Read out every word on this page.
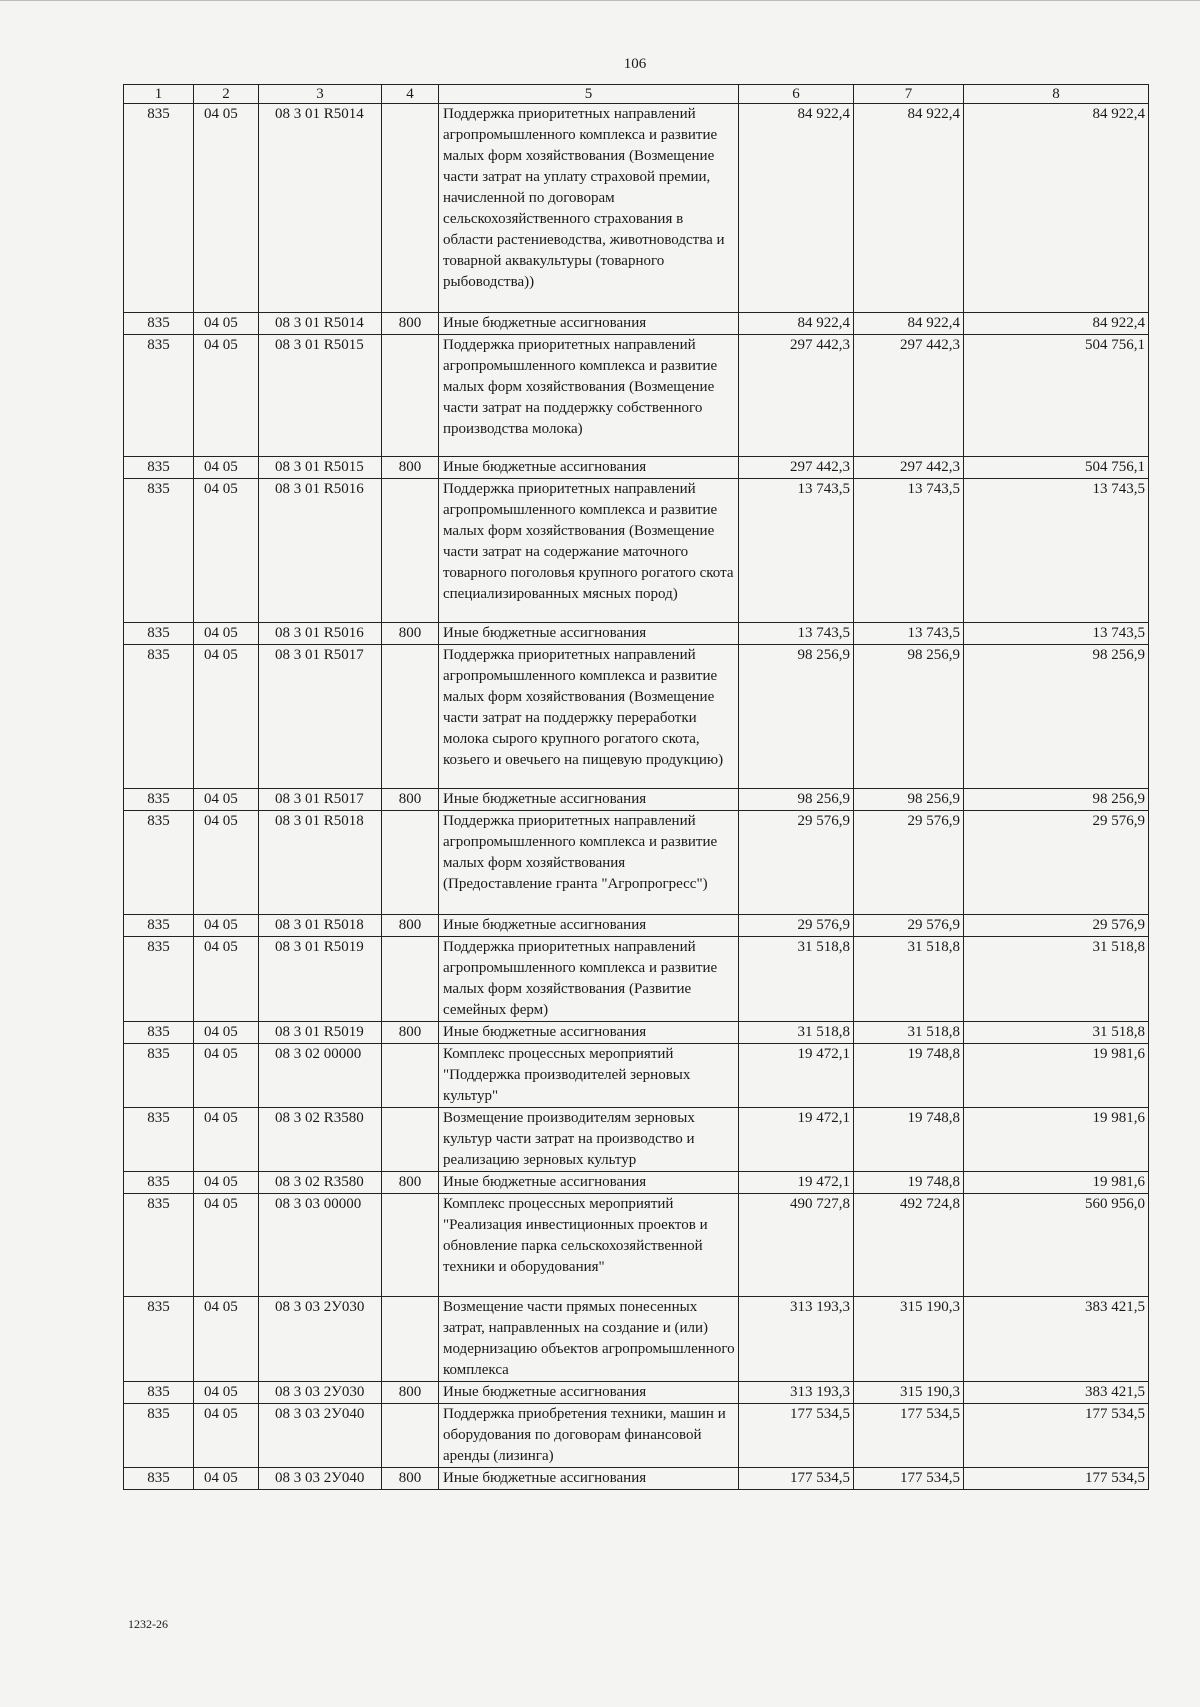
106
1	2	3	4	5	6	7	8
835	04 05	08 3 01 R5014		Поддержка приоритетных направлений агропромышленного комплекса и развитие малых форм хозяйствования (Возмещение части затрат на уплату страховой премии, начисленной по договорам сельскохозяйственного страхования в области растениеводства, животноводства и товарной аквакультуры (товарного рыбоводства))	84 922,4	84 922,4	84 922,4
835	04 05	08 3 01 R5014	800	Иные бюджетные ассигнования	84 922,4	84 922,4	84 922,4
835	04 05	08 3 01 R5015		Поддержка приоритетных направлений агропромышленного комплекса и развитие малых форм хозяйствования (Возмещение части затрат на поддержку собственного производства молока)	297 442,3	297 442,3	504 756,1
835	04 05	08 3 01 R5015	800	Иные бюджетные ассигнования	297 442,3	297 442,3	504 756,1
835	04 05	08 3 01 R5016		Поддержка приоритетных направлений агропромышленного комплекса и развитие малых форм хозяйствования (Возмещение части затрат на содержание маточного товарного поголовья крупного рогатого скота специализированных мясных пород)	13 743,5	13 743,5	13 743,5
835	04 05	08 3 01 R5016	800	Иные бюджетные ассигнования	13 743,5	13 743,5	13 743,5
835	04 05	08 3 01 R5017		Поддержка приоритетных направлений агропромышленного комплекса и развитие малых форм хозяйствования (Возмещение части затрат на поддержку переработки молока сырого крупного рогатого скота, козьего и овечьего на пищевую продукцию)	98 256,9	98 256,9	98 256,9
835	04 05	08 3 01 R5017	800	Иные бюджетные ассигнования	98 256,9	98 256,9	98 256,9
835	04 05	08 3 01 R5018		Поддержка приоритетных направлений агропромышленного комплекса и развитие малых форм хозяйствования (Предоставление гранта "Агропрогресс")	29 576,9	29 576,9	29 576,9
835	04 05	08 3 01 R5018	800	Иные бюджетные ассигнования	29 576,9	29 576,9	29 576,9
835	04 05	08 3 01 R5019		Поддержка приоритетных направлений агропромышленного комплекса и развитие малых форм хозяйствования (Развитие семейных ферм)	31 518,8	31 518,8	31 518,8
835	04 05	08 3 01 R5019	800	Иные бюджетные ассигнования	31 518,8	31 518,8	31 518,8
835	04 05	08 3 02 00000		Комплекс процессных мероприятий "Поддержка производителей зерновых культур"	19 472,1	19 748,8	19 981,6
835	04 05	08 3 02 R3580		Возмещение производителям зерновых культур части затрат на производство и реализацию зерновых культур	19 472,1	19 748,8	19 981,6
835	04 05	08 3 02 R3580	800	Иные бюджетные ассигнования	19 472,1	19 748,8	19 981,6
835	04 05	08 3 03 00000		Комплекс процессных мероприятий "Реализация инвестиционных проектов и обновление парка сельскохозяйственной техники и оборудования"	490 727,8	492 724,8	560 956,0
835	04 05	08 3 03 2У030		Возмещение части прямых понесенных затрат, направленных на создание и (или) модернизацию объектов агропромышленного комплекса	313 193,3	315 190,3	383 421,5
835	04 05	08 3 03 2У030	800	Иные бюджетные ассигнования	313 193,3	315 190,3	383 421,5
835	04 05	08 3 03 2У040		Поддержка приобретения техники, машин и оборудования по договорам финансовой аренды (лизинга)	177 534,5	177 534,5	177 534,5
835	04 05	08 3 03 2У040	800	Иные бюджетные ассигнования	177 534,5	177 534,5	177 534,5
1232-26
